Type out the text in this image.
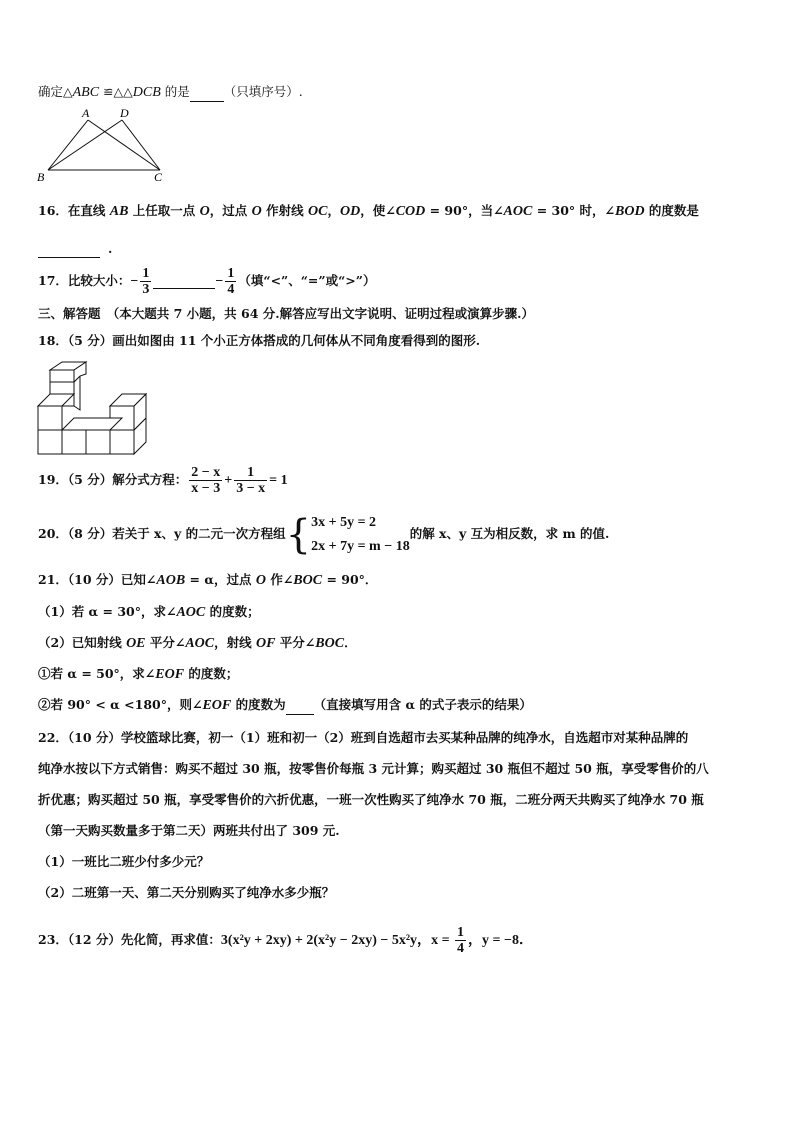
确定△ABC ≌△△DCB 的是	（只填序号）.
A	D
B	C
16．在直线 AB 上任取一点 O，过点 O 作射线 OC，OD，使∠COD = 90°，当∠AOC = 30° 时，∠BOD 的度数是
.
17．比较大小：− $\frac{1}{3}$	− $\frac{1}{4}$ （填“<”、“=”或“>”）
三、解答题　（本大题共 7 小题，共 64 分.解答应写出文字说明、证明过程或演算步骤.）
18．（5 分）画出如图由 11 个小正方体搭成的几何体从不同角度看得到的图形.
19．（5 分）解分式方程： $\frac{2 - x}{x - 3} + \frac{1}{3 - x} = 1$
20．（8 分）若关于 x、y 的二元一次方程组{ 3x + 5y = 2
2x + 7y = m − 18
的解 x、y 互为相反数，求 m 的值.
21．（10 分）已知∠AOB = α，过点 O 作∠BOC = 90°．
（1）若 α = 30°，求∠AOC 的度数；
（2）已知射线 OE 平分∠AOC，射线 OF 平分∠BOC．
①若 α = 50°，求∠EOF 的度数；
②若 90° < α <180°，则∠EOF 的度数为 （直接填写用含 α 的式子表示的结果）
22．（10 分）学校篮球比赛，初一（1）班和初一（2）班到自选超市去买某种品牌的纯净水，自选超市对某种品牌的
纯净水按以下方式销售：购买不超过 30 瓶，按零售价每瓶 3 元计算；购买超过 30 瓶但不超过 50 瓶，享受零售价的八
折优惠；购买超过 50 瓶，享受零售价的六折优惠，一班一次性购买了纯净水 70 瓶，二班分两天共购买了纯净水 70 瓶
（第一天购买数量多于第二天）两班共付出了 309 元.
（1）一班比二班少付多少元？
（2）二班第一天、第二天分别购买了纯净水多少瓶？
23．（12 分）先化简，再求值：3(x²y + 2xy) + 2(x²y − 2xy) − 5x²y，$x = \frac{1}{4}$ ，y = −8．
